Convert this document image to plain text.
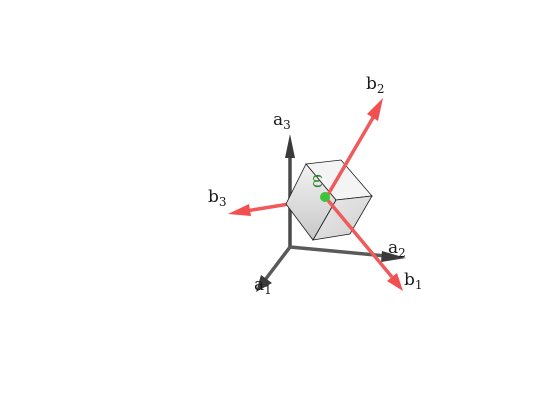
ω
$a_1$
$a_2$
$a_3$
$b_1$
$b_2$
$b_3$
